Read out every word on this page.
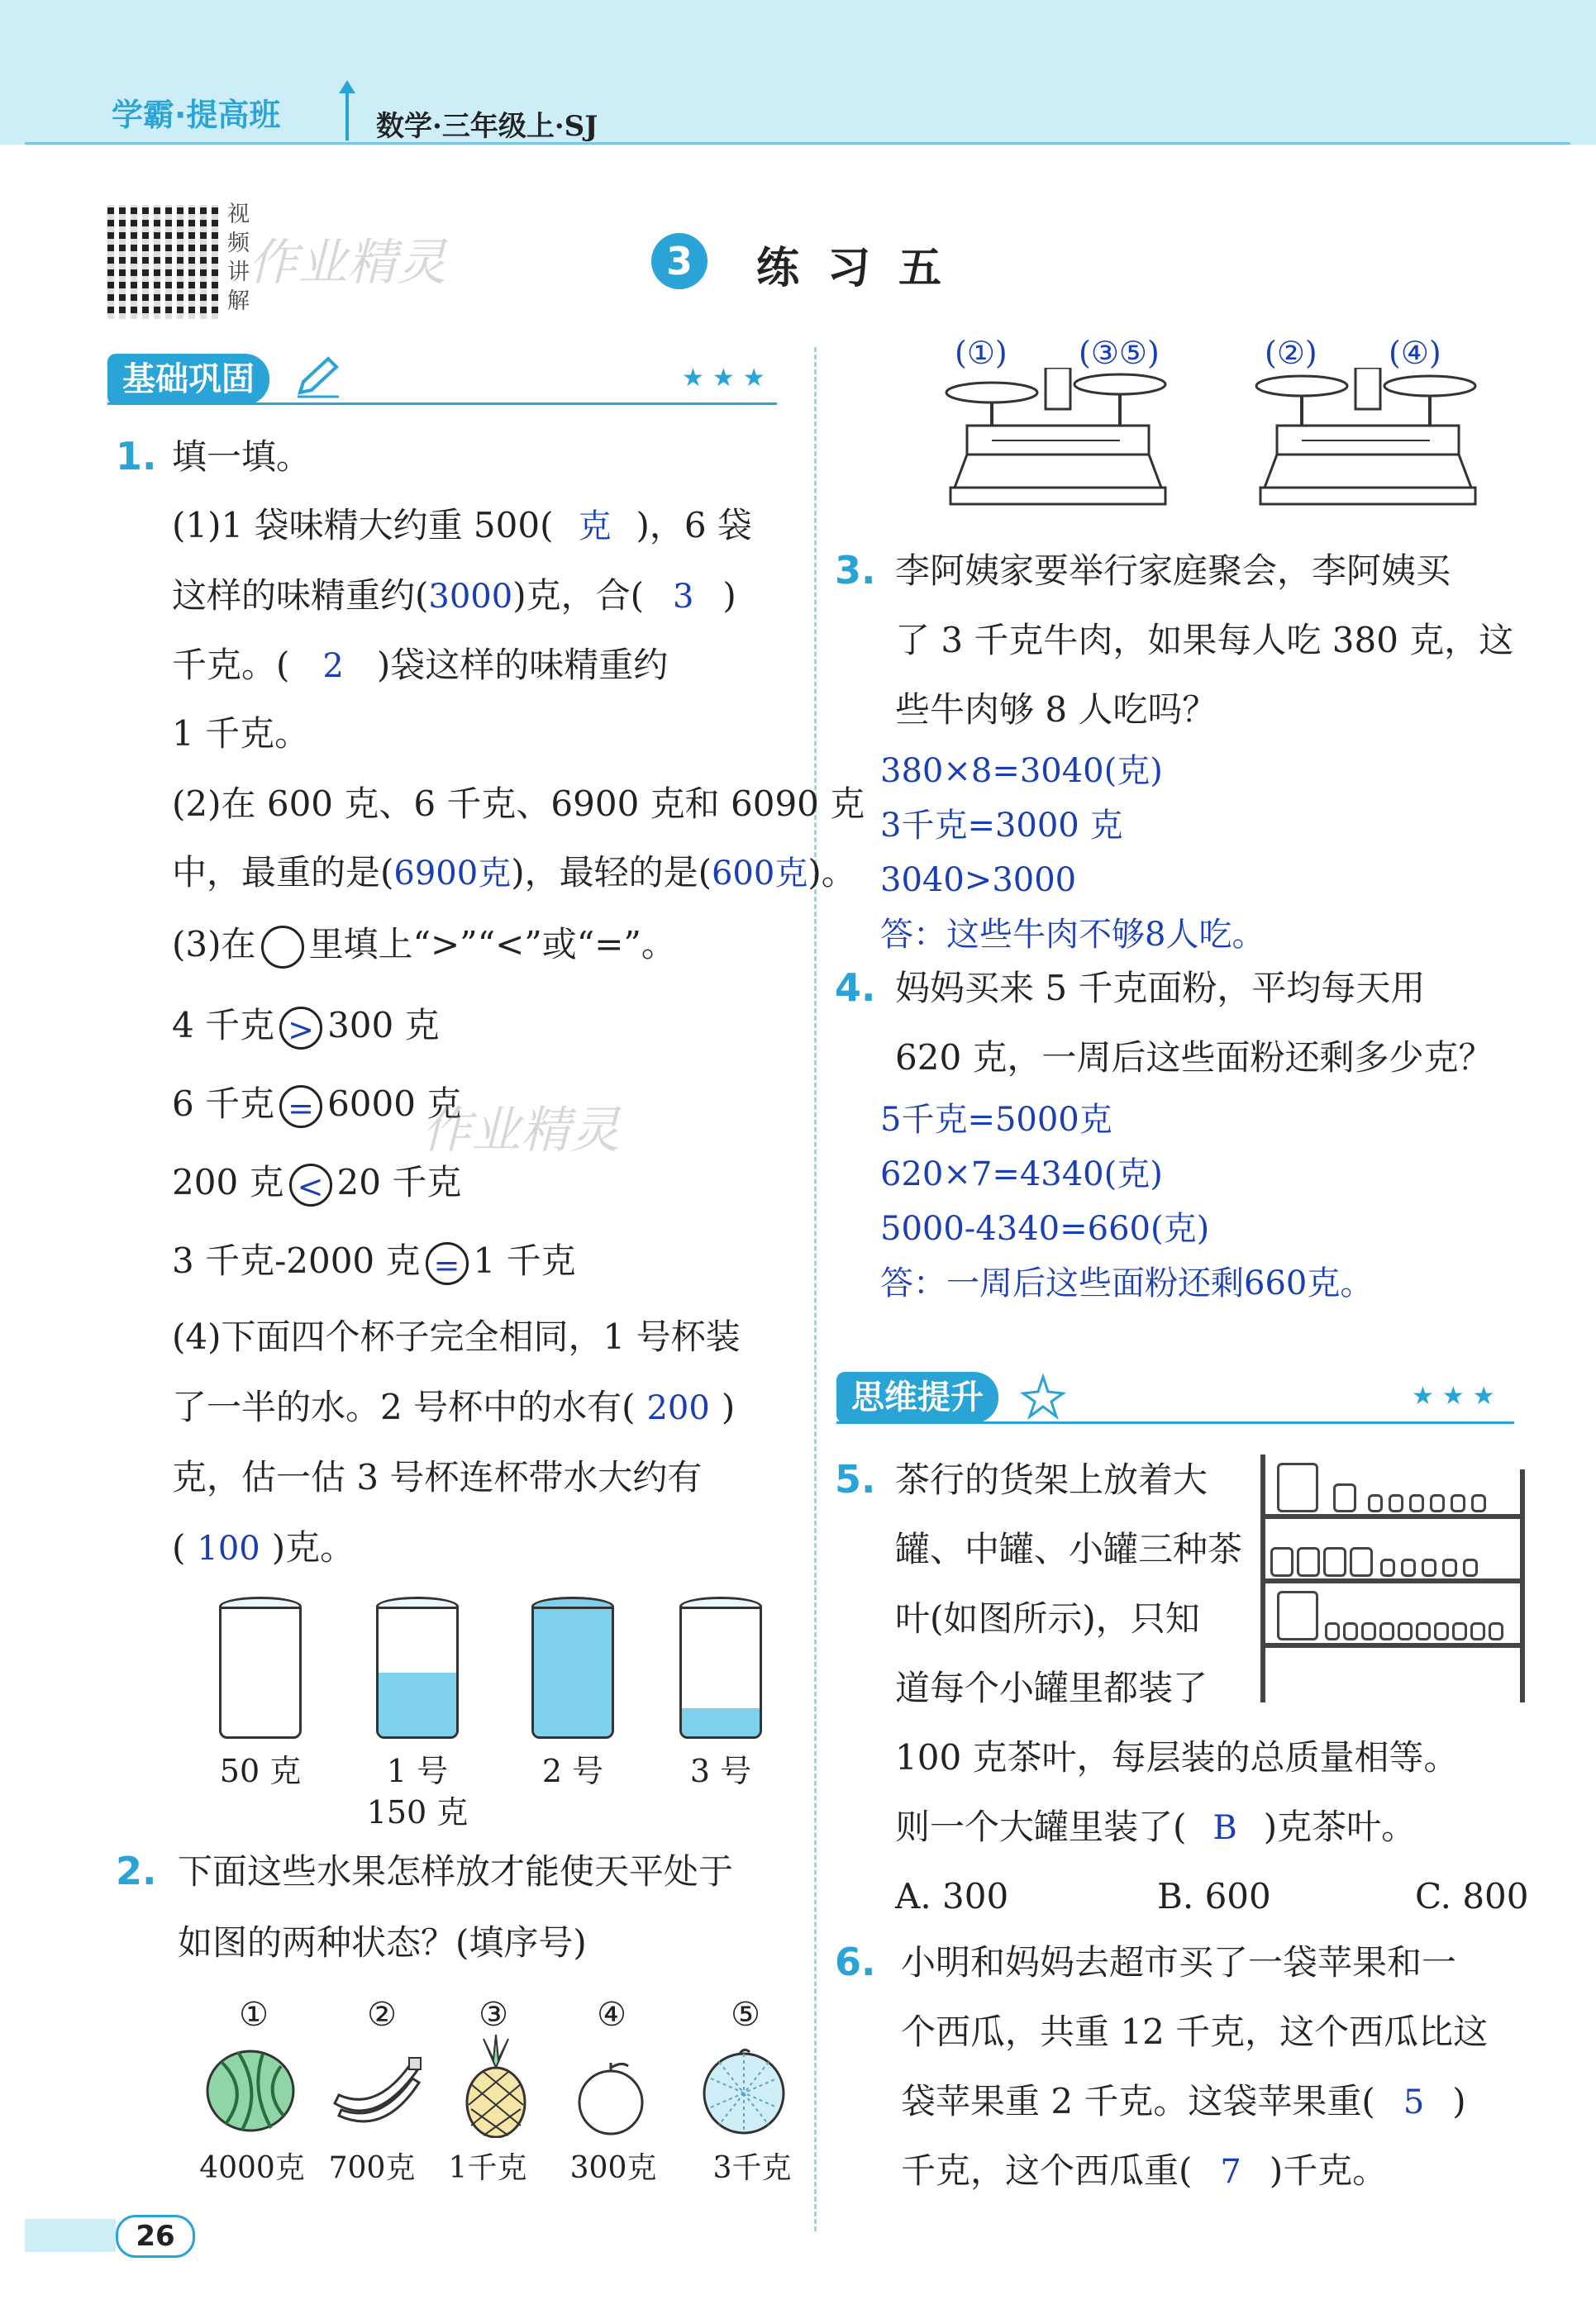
学霸·提高班	数学·三年级上·SJ
视
频
讲
解
作业精灵	3	练习五
基础巩固	★★★
1. 填一填。
(1)1 袋味精大约重 500( 克 )，6 袋
这样的味精重约(3000)克，合( 3 )
千克。( 2 )袋这样的味精重约
1 千克。
(2)在 600 克、6 千克、6900 克和 6090 克
中，最重的是(6900克)，最轻的是(600克)。
(3)在 里填上“>”“<”或“=”。
4 千克 > 300 克
6 千克 = 6000 克
200 克 < 20 千克
3 千克-2000 克 = 1 千克
作业精灵
(4)下面四个杯子完全相同，1 号杯装
了一半的水。2 号杯中的水有( 200 )
克，估一估 3 号杯连杯带水大约有
( 100 )克。
50 克	1 号
150 克
2 号	3 号
2. 下面这些水果怎样放才能使天平处于
如图的两种状态？(填序号)
①	②	③	④	⑤
4000克 700克	1千克	300克	3千克
(①) (③⑤)	(②) (④)
3. 李阿姨家要举行家庭聚会，李阿姨买
了 3 千克牛肉，如果每人吃 380 克，这
些牛肉够 8 人吃吗？
380×8=3040(克)
3千克=3000 克
3040>3000
答：这些牛肉不够8人吃。
4. 妈妈买来 5 千克面粉，平均每天用
620 克，一周后这些面粉还剩多少克？
5千克=5000克
620×7=4340(克)
5000-4340=660(克)
答：一周后这些面粉还剩660克。
思维提升	★★★
5. 茶行的货架上放着大
罐、中罐、小罐三种茶
叶(如图所示)，只知
道每个小罐里都装了
100 克茶叶，每层装的总质量相等。
则一个大罐里装了( B )克茶叶。
A. 300	B. 600	C. 800
6. 小明和妈妈去超市买了一袋苹果和一
个西瓜，共重 12 千克，这个西瓜比这
袋苹果重 2 千克。这袋苹果重( 5 )
千克，这个西瓜重( 7 )千克。
26
